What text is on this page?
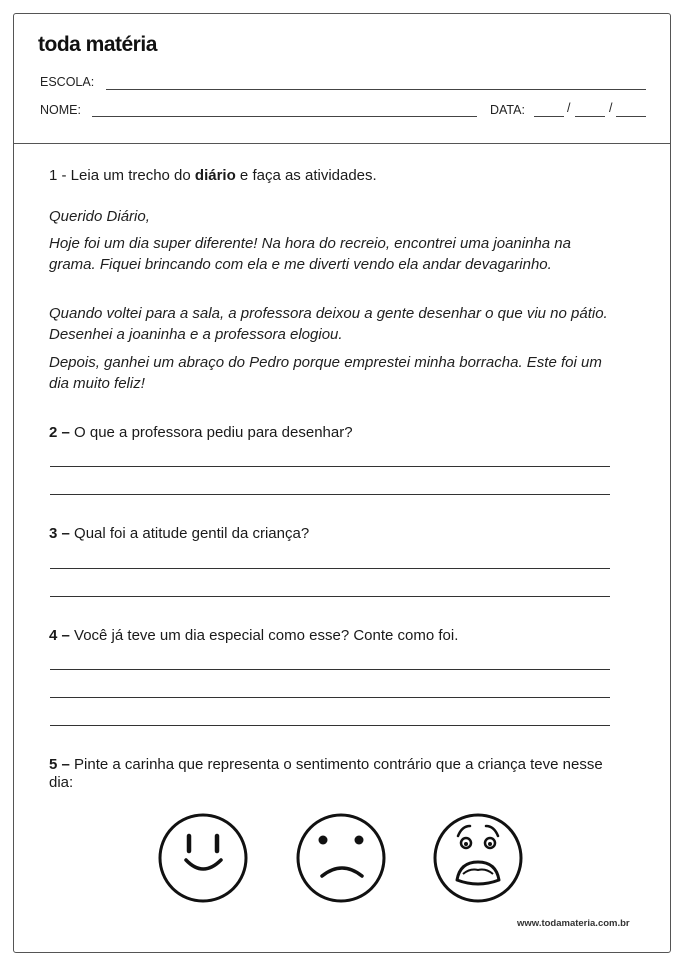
toda matéria
ESCOLA:
NOME:	DATA:	/	/
1 - Leia um trecho do diário e faça as atividades.
Querido Diário,
Hoje foi um dia super diferente! Na hora do recreio, encontrei uma joaninha na grama. Fiquei brincando com ela e me diverti vendo ela andar devagarinho.
Quando voltei para a sala, a professora deixou a gente desenhar o que viu no pátio. Desenhei a joaninha e a professora elogiou.
Depois, ganhei um abraço do Pedro porque emprestei minha borracha. Este foi um dia muito feliz!
2 – O que a professora pediu para desenhar?
3 – Qual foi a atitude gentil da criança?
4 – Você já teve um dia especial como esse? Conte como foi.
5 – Pinte a carinha que representa o sentimento contrário que a criança teve nesse dia:
www.todamateria.com.br
